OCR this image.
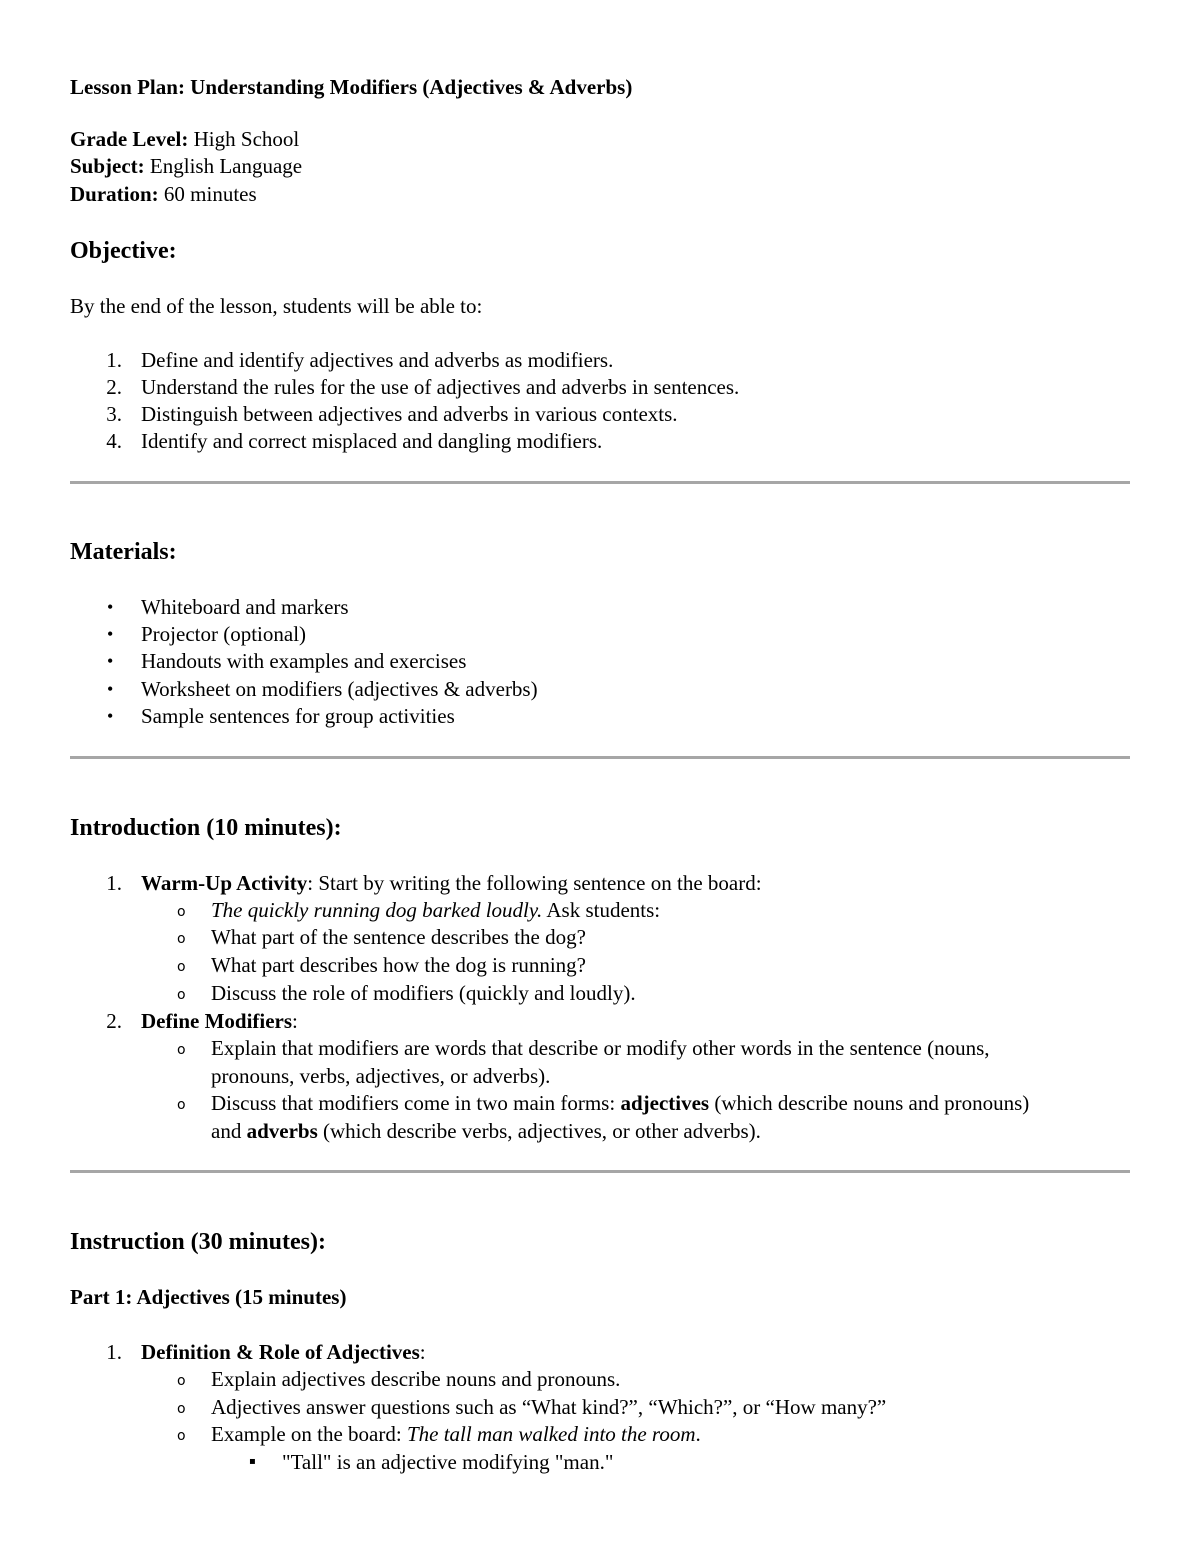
Lesson Plan: Understanding Modifiers (Adjectives & Adverbs)
Grade Level: High School
Subject: English Language
Duration: 60 minutes
Objective:
By the end of the lesson, students will be able to:
1. Define and identify adjectives and adverbs as modifiers.
2. Understand the rules for the use of adjectives and adverbs in sentences.
3. Distinguish between adjectives and adverbs in various contexts.
4. Identify and correct misplaced and dangling modifiers.
Materials:
• Whiteboard and markers
• Projector (optional)
• Handouts with examples and exercises
• Worksheet on modifiers (adjectives & adverbs)
• Sample sentences for group activities
Introduction (10 minutes):
1. Warm-Up Activity: Start by writing the following sentence on the board:
o The quickly running dog barked loudly. Ask students:
o What part of the sentence describes the dog?
o What part describes how the dog is running?
o Discuss the role of modifiers (quickly and loudly).
2. Define Modifiers:
o Explain that modifiers are words that describe or modify other words in the sentence (nouns,
pronouns, verbs, adjectives, or adverbs).
o Discuss that modifiers come in two main forms: adjectives (which describe nouns and pronouns)
and adverbs (which describe verbs, adjectives, or other adverbs).
Instruction (30 minutes):
Part 1: Adjectives (15 minutes)
1. Definition & Role of Adjectives:
o Explain adjectives describe nouns and pronouns.
o Adjectives answer questions such as “What kind?”, “Which?”, or “How many?”
o Example on the board: The tall man walked into the room.
▪ "Tall" is an adjective modifying "man."
